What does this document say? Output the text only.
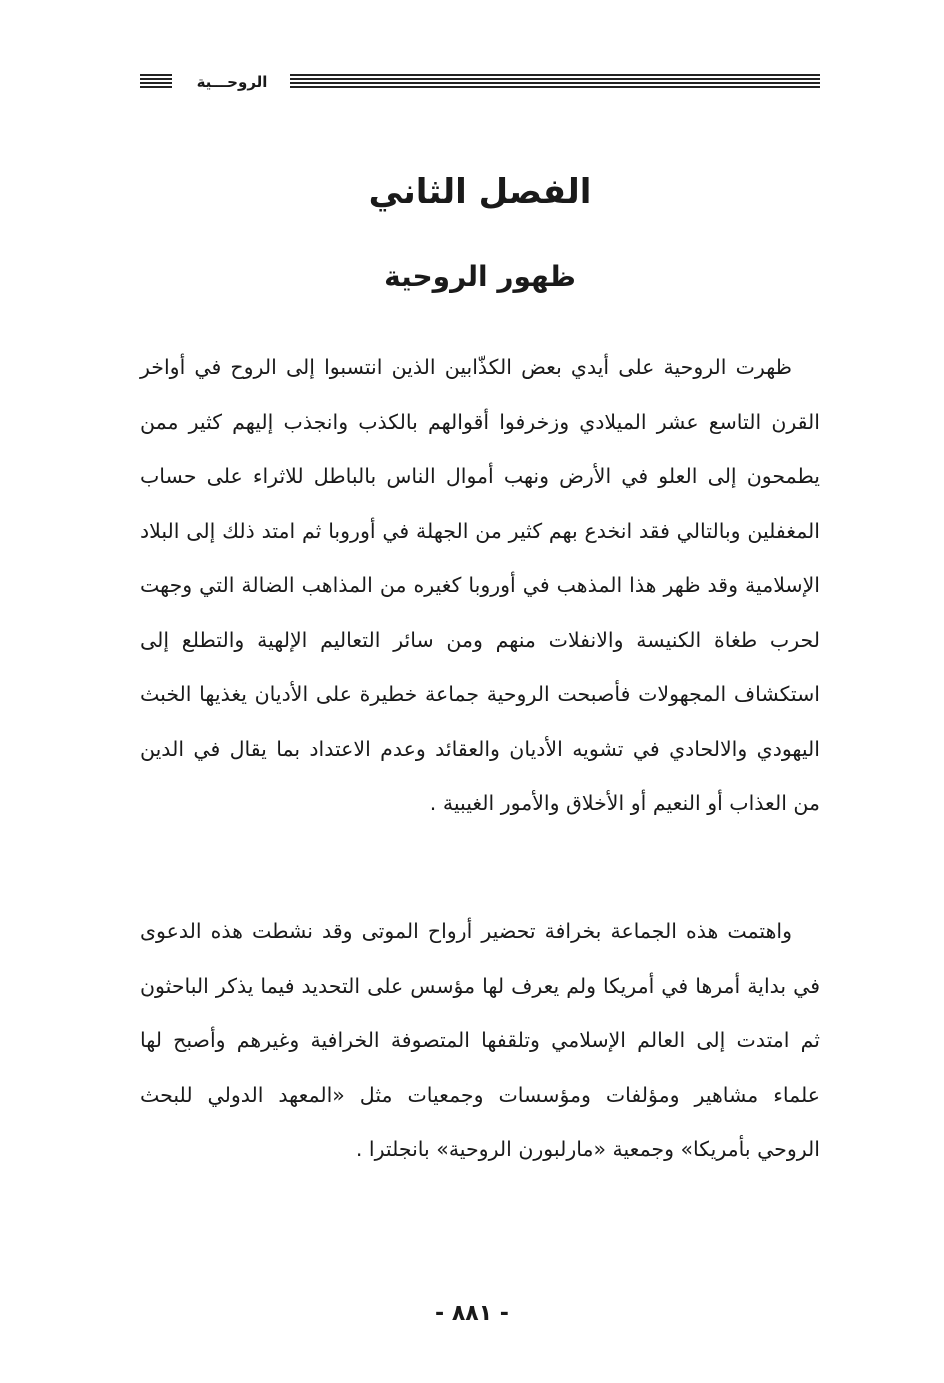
الروحـــية
الفصل الثاني
ظهور الروحية

ظهرت الروحية على أيدي بعض الكذّابين الذين انتسبوا إلى الروح في أواخر القرن التاسع عشر الميلادي وزخرفوا أقوالهم بالكذب وانجذب إليهم كثير ممن يطمحون إلى العلو في الأرض ونهب أموال الناس بالباطل للاثراء على حساب المغفلين وبالتالي فقد انخدع بهم كثير من الجهلة في أوروبا ثم امتد ذلك إلى البلاد الإسلامية وقد ظهر هذا المذهب في أوروبا كغيره من المذاهب الضالة التي وجهت لحرب طغاة الكنيسة والانفلات منهم ومن سائر التعاليم الإلهية والتطلع إلى استكشاف المجهولات فأصبحت الروحية جماعة خطيرة على الأديان يغذيها الخبث اليهودي والالحادي في تشويه الأديان والعقائد وعدم الاعتداد بما يقال في الدين من العذاب أو النعيم أو الأخلاق والأمور الغيبية .

واهتمت هذه الجماعة بخرافة تحضير أرواح الموتى وقد نشطت هذه الدعوى في بداية أمرها في أمريكا ولم يعرف لها مؤسس على التحديد فيما يذكر الباحثون ثم امتدت إلى العالم الإسلامي وتلقفها المتصوفة الخرافية وغيرهم وأصبح لها علماء مشاهير ومؤلفات ومؤسسات وجمعيات مثل «المعهد الدولي للبحث الروحي بأمريكا» وجمعية «مارلبورن الروحية» بانجلترا .

- ٨٨١ -
